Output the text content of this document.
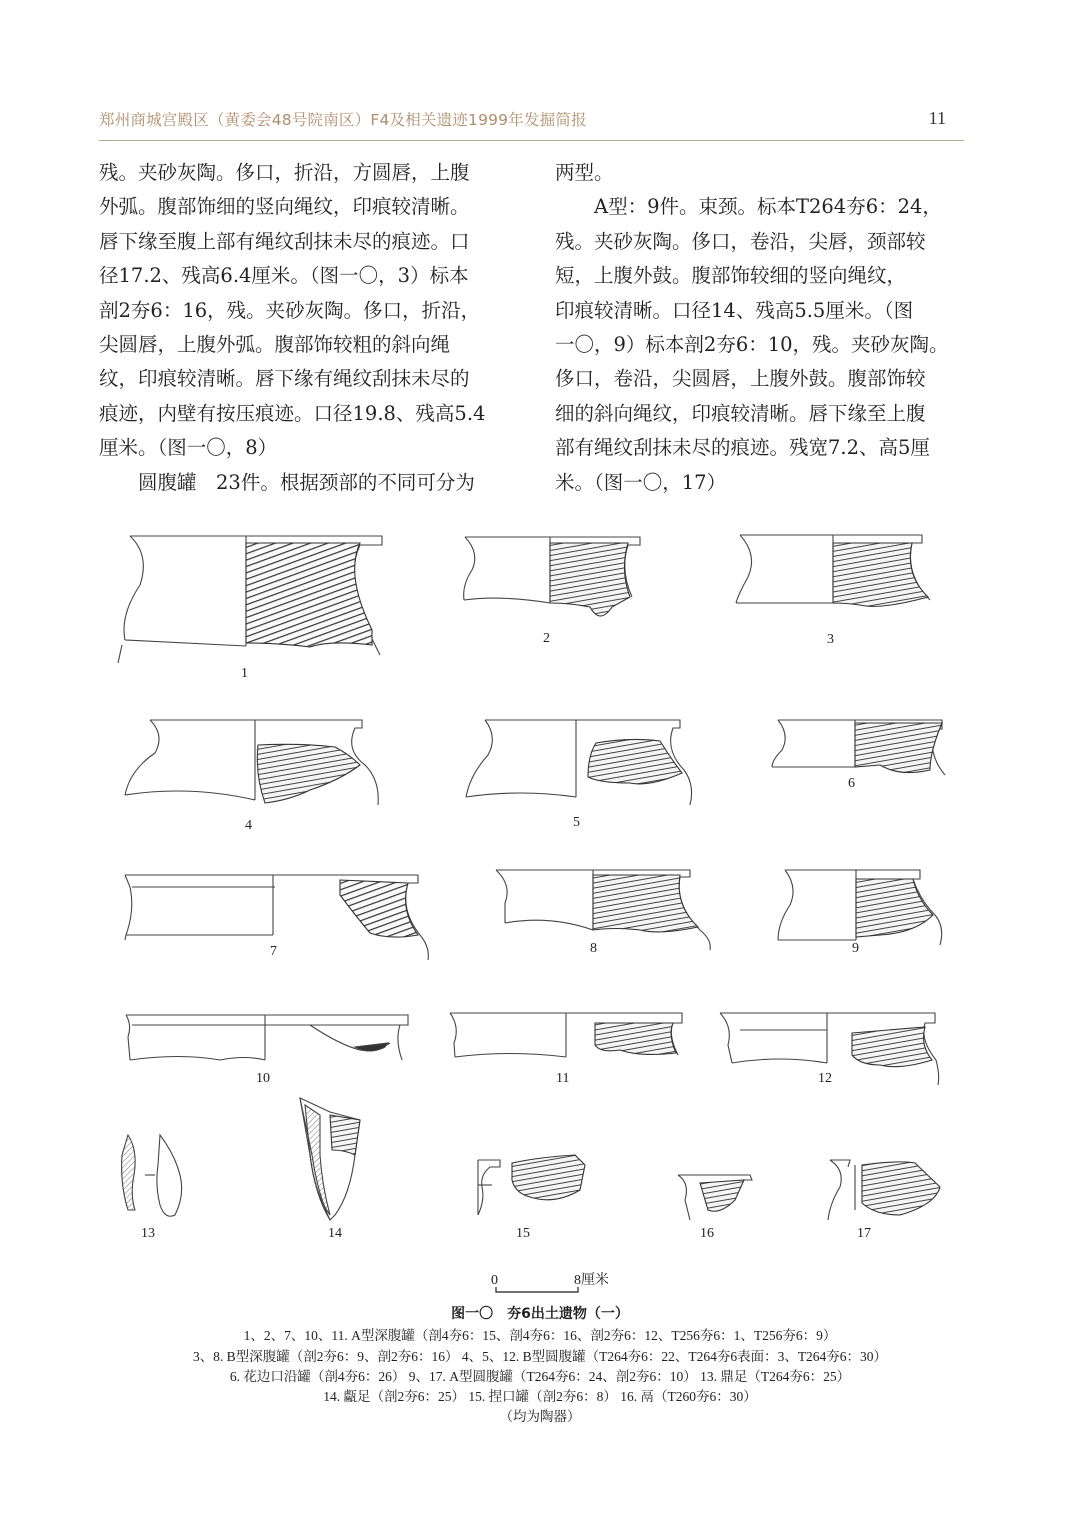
郑州商城宫殿区（黄委会48号院南区）F4及相关遗迹1999年发掘简报	11

残。夹砂灰陶。侈口，折沿，方圆唇，上腹

外弧。腹部饰细的竖向绳纹，印痕较清晰。

唇下缘至腹上部有绳纹刮抹未尽的痕迹。口

径17.2、残高6.4厘米。（图一〇，3）标本

剖2夯6：16，残。夹砂灰陶。侈口，折沿，

尖圆唇，上腹外弧。腹部饰较粗的斜向绳

纹，印痕较清晰。唇下缘有绳纹刮抹未尽的

痕迹，内壁有按压痕迹。口径19.8、残高5.4

厘米。（图一〇，8）

　　圆腹罐　23件。根据颈部的不同可分为

两型。

　　A型：9件。束颈。标本T264夯6：24，

残。夹砂灰陶。侈口，卷沿，尖唇，颈部较

短，上腹外鼓。腹部饰较细的竖向绳纹，

印痕较清晰。口径14、残高5.5厘米。（图

一〇，9）标本剖2夯6：10，残。夹砂灰陶。

侈口，卷沿，尖圆唇，上腹外鼓。腹部饰较

细的斜向绳纹，印痕较清晰。唇下缘至上腹

部有绳纹刮抹未尽的痕迹。残宽7.2、高5厘

米。（图一〇，17）

1
2	3
4	5
6
7	8	9
10	11	12
13	14	15	16	17
0	8厘米
图一〇　夯6出土遗物（一）
1、2、7、10、11. A型深腹罐（剖4夯6：15、剖4夯6：16、剖2夯6：12、T256夯6：1、T256夯6：9）
3、8. B型深腹罐（剖2夯6：9、剖2夯6：16） 4、5、12. B型圆腹罐（T264夯6：22、T264夯6表面：3、T264夯6：30）
6. 花边口沿罐（剖4夯6：26） 9、17. A型圆腹罐（T264夯6：24、剖2夯6：10） 13. 鼎足（T264夯6：25）
14. 甗足（剖2夯6：25） 15. 捏口罐（剖2夯6：8） 16. 鬲（T260夯6：30）
（均为陶器）
